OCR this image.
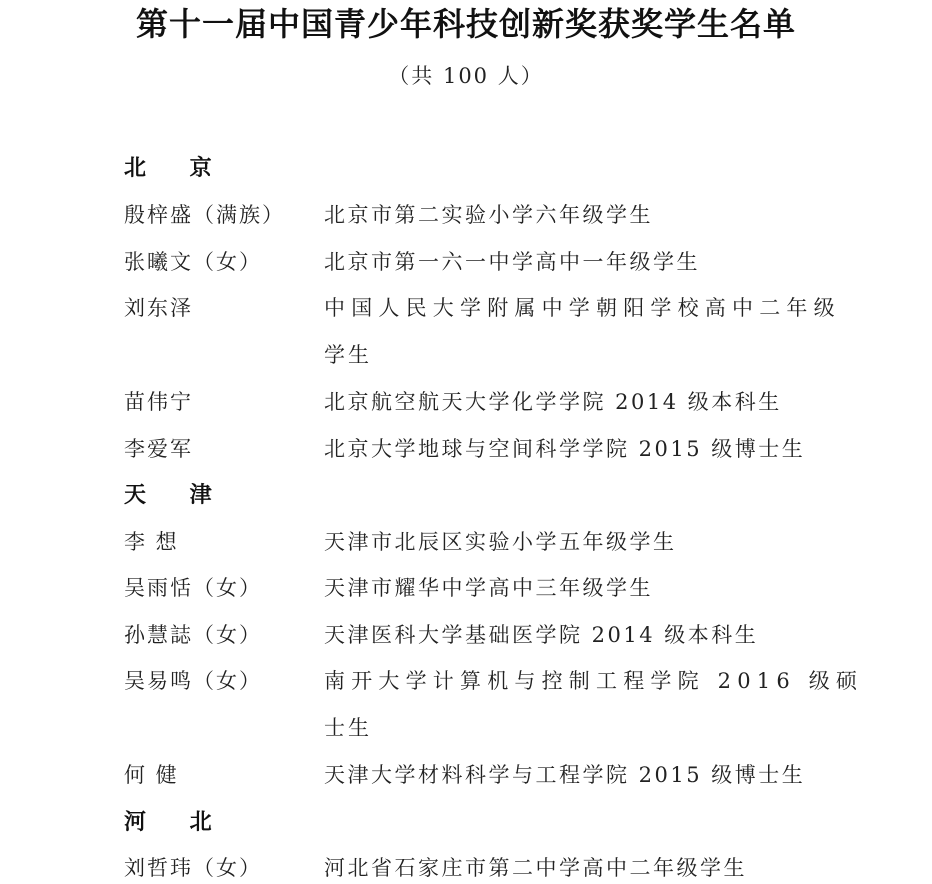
第十一届中国青少年科技创新奖获奖学生名单
（共 100 人）
北 京
殷梓盛（满族） 北京市第二实验小学六年级学生
张曦文（女）	北京市第一六一中学高中一年级学生
刘东泽	中国人民大学附属中学朝阳学校高中二年级
学生
苗伟宁	北京航空航天大学化学学院 2014 级本科生
李爱军	北京大学地球与空间科学学院 2015 级博士生
天 津
李 想	天津市北辰区实验小学五年级学生
吴雨恬（女）	天津市耀华中学高中三年级学生
孙慧誌（女）	天津医科大学基础医学院 2014 级本科生
吴易鸣（女）	南开大学计算机与控制工程学院 2016 级硕
士生
何 健	天津大学材料科学与工程学院 2015 级博士生
河 北
刘哲玮（女）	河北省石家庄市第二中学高中二年级学生
